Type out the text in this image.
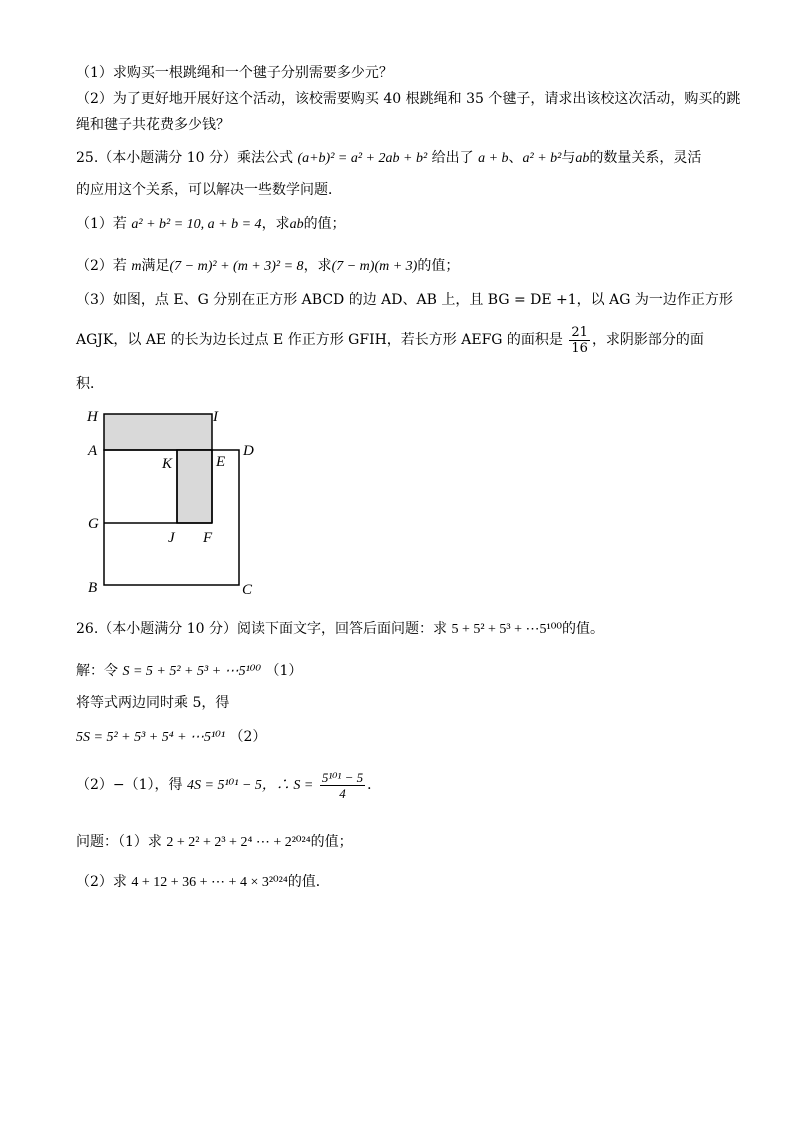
（1）求购买一根跳绳和一个毽子分别需要多少元？
（2）为了更好地开展好这个活动，该校需要购买 40 根跳绳和 35 个毽子，请求出该校这次活动，购买的跳
绳和毽子共花费多少钱？
25.（本小题满分 10 分）乘法公式 (a+b)² = a² + 2ab + b² 给出了 a + b、a² + b²与ab的数量关系，灵活
的应用这个关系，可以解决一些数学问题．
（1）若 a² + b² = 10, a + b = 4，求ab的值；
（2）若 m满足(7 − m)² + (m + 3)² = 8，求(7 − m)(m + 3)的值；
（3）如图，点 E、G 分别在正方形 ABCD 的边 AD、AB 上，且 BG = DE +1，以 AG 为一边作正方形
AGJK，以 AE 的长为边长过点 E 作正方形 GFIH，若长方形 AEFG 的面积是 $\frac{21}{16}$ ，求阴影部分的面
积．
H	I
A	D
K	E
G
J F
B	C
26.（本小题满分 10 分）阅读下面文字，回答后面问题：求 5 + 5² + 5³ + ⋯5¹⁰⁰的值。
解：令 S = 5 + 5² + 5³ + ⋯5¹⁰⁰ （1）
将等式两边同时乘 5，得
5S = 5² + 5³ + 5⁴ + ⋯5¹⁰¹ （2）
（2）−（1），得 4S = 5¹⁰¹ − 5，∴ $S = \frac{\text{5¹⁰¹ − 5}}{4}$ ．
问题：（1）求 2 + 2² + 2³ + 2⁴ ⋯ + 2²⁰²⁴的值；
（2）求 4 + 12 + 36 + ⋯ + 4 × 3²⁰²⁴的值．
